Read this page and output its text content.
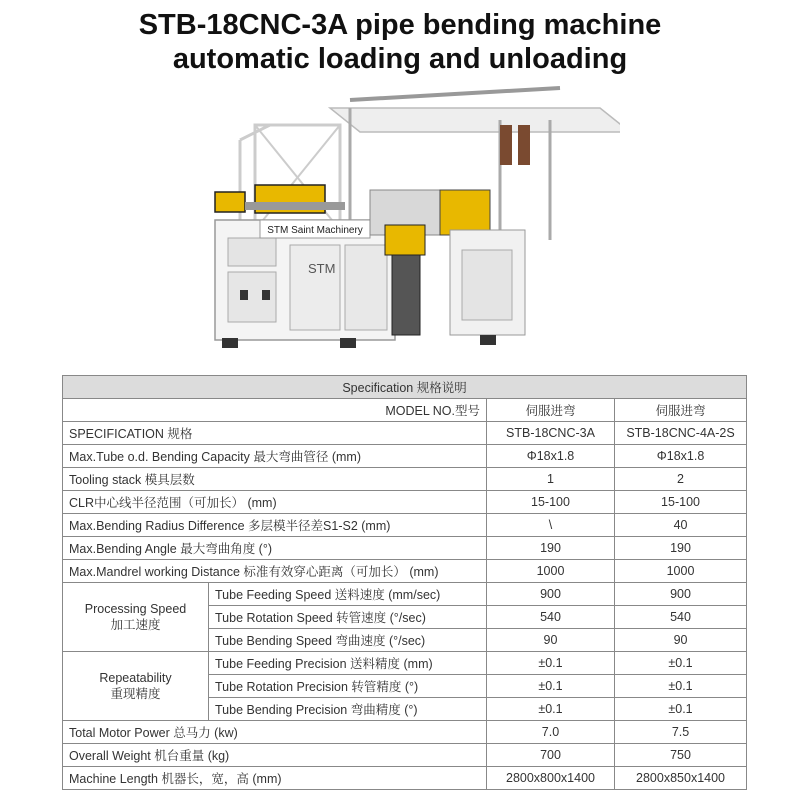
STB-18CNC-3A pipe bending machine
automatic loading and unloading
STM Saint Machinery
STM
Specification 规格说明			
MODEL NO.型号		伺服进弯	伺服进弯
SPECIFICATION 规格		STB-18CNC-3A	STB-18CNC-4A-2S
Max.Tube o.d. Bending Capacity 最大弯曲管径 (mm)		Φ18x1.8	Φ18x1.8
Tooling stack 模具层数		1	2
CLR中心线半径范围（可加长） (mm)		15-100	15-100
Max.Bending Radius Difference 多层模半径差S1-S2 (mm)		\	40
Max.Bending Angle 最大弯曲角度 (°)		190	190
Max.Mandrel working Distance 标准有效穿心距离（可加长） (mm)		1000	1000

Processing Speed
加工速度	Tube Feeding Speed 送料速度 (mm/sec)	900	900
	Tube Rotation Speed 转管速度 (°/sec)	540	540
	Tube Bending Speed 弯曲速度 (°/sec)	90	90

Repeatability
重现精度	Tube Feeding Precision 送料精度 (mm)	±0.1	±0.1
	Tube Rotation Precision 转管精度 (°)	±0.1	±0.1
	Tube Bending Precision 弯曲精度 (°)	±0.1	±0.1
Total Motor Power 总马力 (kw)		7.0	7.5
Overall Weight 机台重量 (kg)		700	750
Machine Length 机器长，宽，高 (mm)		2800x800x1400	2800x850x1400
